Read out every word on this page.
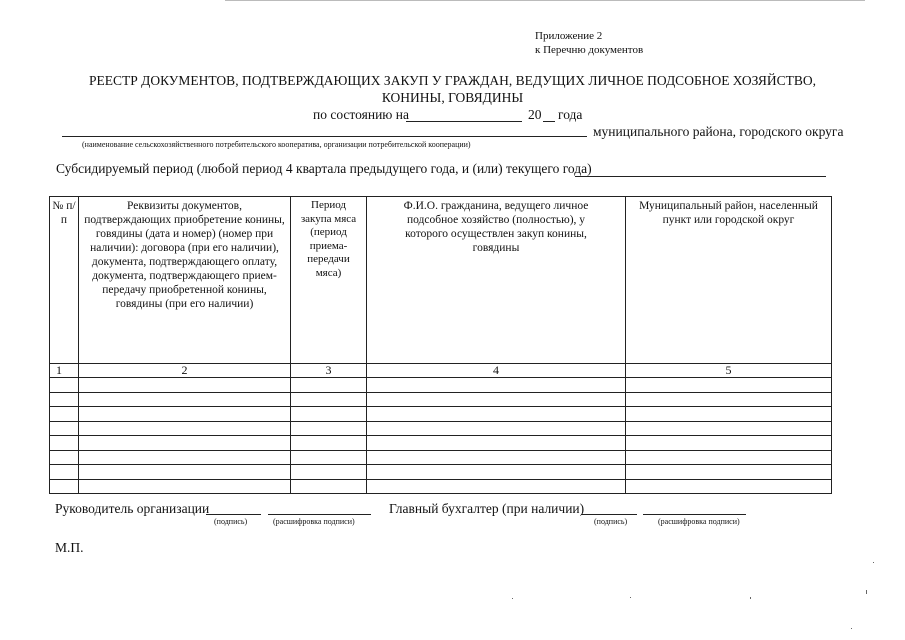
Приложение 2
к Перечню документов
РЕЕСТР ДОКУМЕНТОВ, ПОДТВЕРЖДАЮЩИХ ЗАКУП У ГРАЖДАН, ВЕДУЩИХ ЛИЧНОЕ ПОДСОБНОЕ ХОЗЯЙСТВО,
КОНИНЫ, ГОВЯДИНЫ
по состоянию на	20 года
муниципального района, городского округа
(наименование сельскохозяйственного потребительского кооператива, организации потребительской кооперации)
Субсидируемый период (любой период 4 квартала предыдущего года, и (или) текущего года)
№ п/п	Реквизиты документов, подтверждающих приобретение конины, говядины (дата и номер) (номер при наличии): договора (при его наличии), документа, подтверждающего оплату, документа, подтверждающего прием-передачу приобретенной конины, говядины (при его наличии)	Период закупа мяса (период приема-передачи мяса)	Ф.И.О. гражданина, ведущего личное подсобное хозяйство (полностью), у которого осуществлен закуп конины, говядины	Муниципальный район, населенный пункт или городской округ

1	2	3	4	5

Руководитель организации
(подпись)	(расшифровка подписи)
Главный бухгалтер (при наличии)
(подпись)	(расшифровка подписи)
М.П.
